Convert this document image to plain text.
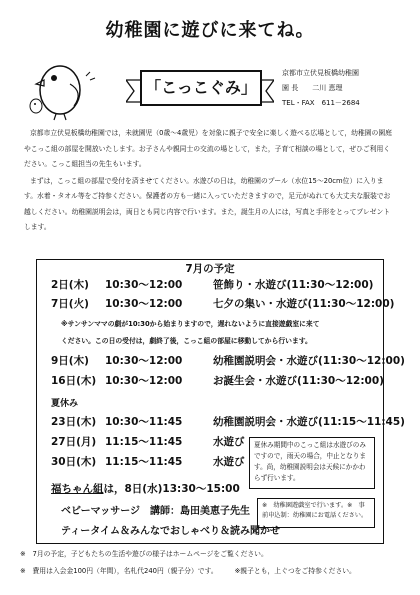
幼稚園に遊びに来てね。
「こっこぐみ」
京都市立伏見板橋幼稚園
園 長　　二川 恵理
TEL・FAX　611－2684

京都市立伏見板橋幼稚園では，未就園児（0歳～4歳児）を対象に親子で安全に楽しく遊べる広場として，幼稚園の園庭やこっこ組の部屋を開放いたします。お子さんや親同士の交流の場として，また，子育て相談の場として，ぜひご利用ください。こっこ組担当の先生もいます。

まずは，こっこ組の部屋で受付を済ませてください。水遊びの日は，幼稚園のプール（水位15～20cm位）に入ります。水着・タオル等をご持参ください。保護者の方も一緒に入っていただきますので，足元がぬれても大丈夫な服装でお越しください。幼稚園説明会は，両日とも同じ内容で行います。また，誕生月の人には，写真と手形をとってプレゼントします。

7月の予定
2日(木) 10:30～12:00	笹飾り・水遊び(11:30～12:00)
7日(火) 10:30～12:00	七夕の集い・水遊び(11:30～12:00)
※サンサンママの劇が10:30から始まりますので，遅れないように直接遊戯室に来て
ください。この日の受付は，劇終了後，こっこ組の部屋に移動してから行います。
9日(木) 10:30～12:00	幼稚園説明会・水遊び(11:30～12:00)
16日(木) 10:30～12:00	お誕生会・水遊び(11:30～12:00)
夏休み
23日(木) 10:30～11:45	幼稚園説明会・水遊び(11:15～11:45)
27日(月) 11:15～11:45	水遊び
30日(木) 11:15～11:45	水遊び
夏休み期間中のこっこ組は水遊びのみですので，雨天の場合，中止となります。尚，幼稚園説明会は天候にかかわらず行います。
福ちゃん組は，8日(水)13:30～15:00
ベビーマッサージ　 講師：島田美恵子先生
ティータイム＆みんなでおしゃべり＆読み聞かせ
※　幼稚園遊戯室で行います。※　事前申込制：幼稚園にお電話ください。
※　7月の予定，子どもたちの生活や遊びの様子はホームページをご覧ください。
※　費用は入会金100円（年間），名札代240円（親子分）です。　　　※親子とも，上ぐつをご持参ください。
